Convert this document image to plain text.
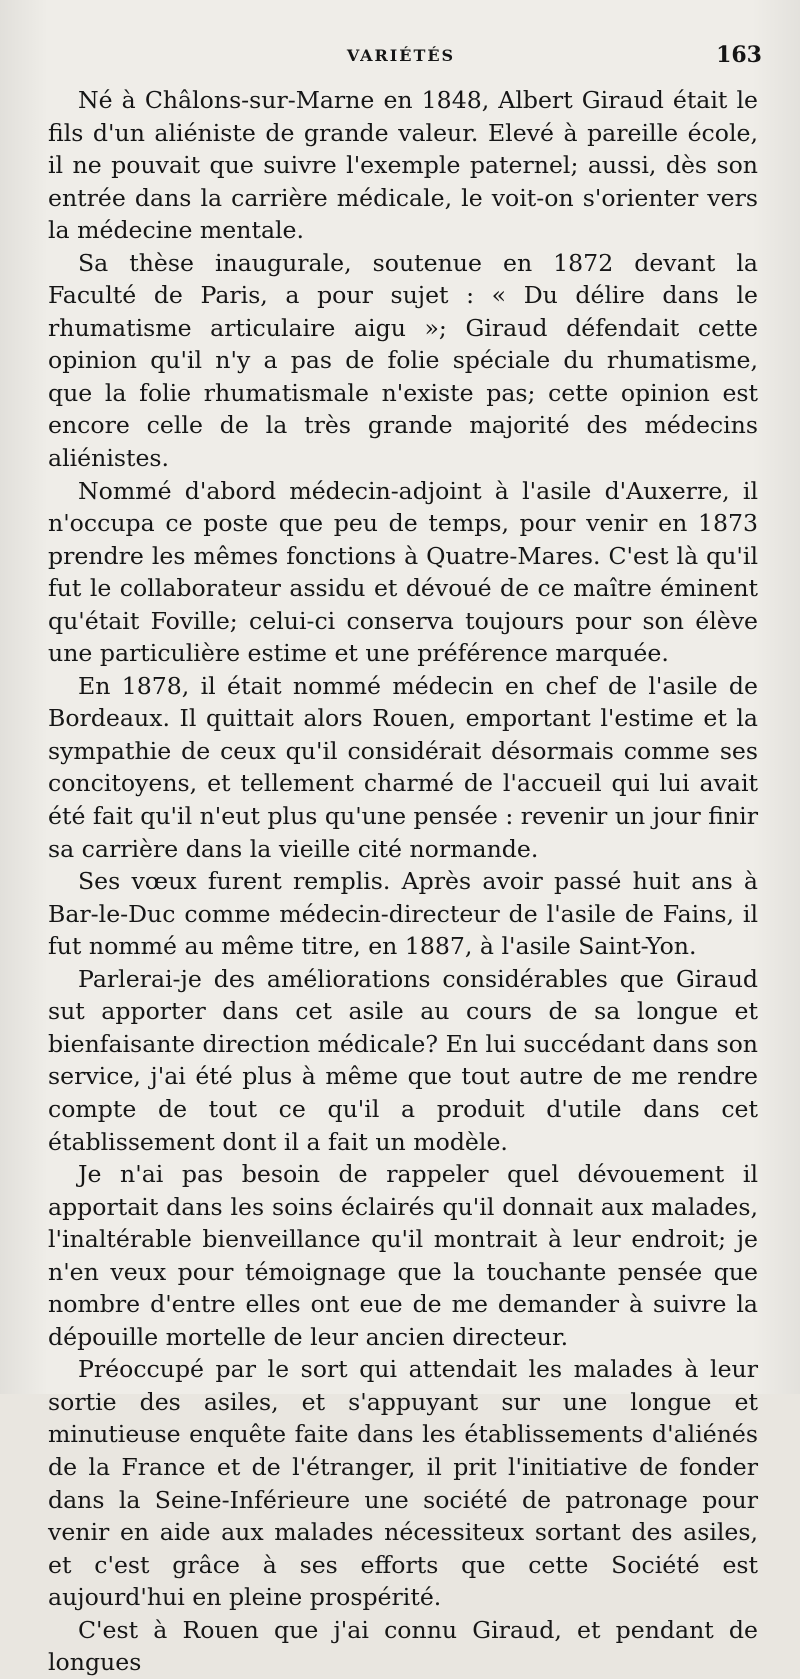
VARIÉTÉS	163

Né à Châlons-sur-Marne en 1848, Albert Giraud était le fils d'un aliéniste de grande valeur. Elevé à pareille école, il ne pouvait que suivre l'exemple paternel; aussi, dès son entrée dans la carrière médicale, le voit-on s'orienter vers la médecine mentale.

Sa thèse inaugurale, soutenue en 1872 devant la Faculté de Paris, a pour sujet : « Du délire dans le rhumatisme articulaire aigu »; Giraud défendait cette opinion qu'il n'y a pas de folie spéciale du rhumatisme, que la folie rhumatismale n'existe pas; cette opinion est encore celle de la très grande majorité des médecins aliénistes.

Nommé d'abord médecin-adjoint à l'asile d'Auxerre, il n'occupa ce poste que peu de temps, pour venir en 1873 prendre les mêmes fonctions à Quatre-Mares. C'est là qu'il fut le collaborateur assidu et dévoué de ce maître éminent qu'était Foville; celui-ci conserva toujours pour son élève une particulière estime et une préférence marquée.

En 1878, il était nommé médecin en chef de l'asile de Bordeaux. Il quittait alors Rouen, emportant l'estime et la sympathie de ceux qu'il considérait désormais comme ses concitoyens, et tellement charmé de l'accueil qui lui avait été fait qu'il n'eut plus qu'une pensée : revenir un jour finir sa carrière dans la vieille cité normande.

Ses vœux furent remplis. Après avoir passé huit ans à Bar-le-Duc comme médecin-directeur de l'asile de Fains, il fut nommé au même titre, en 1887, à l'asile Saint-Yon.

Parlerai-je des améliorations considérables que Giraud sut apporter dans cet asile au cours de sa longue et bienfaisante direction médicale? En lui succédant dans son service, j'ai été plus à même que tout autre de me rendre compte de tout ce qu'il a produit d'utile dans cet établissement dont il a fait un modèle.

Je n'ai pas besoin de rappeler quel dévouement il apportait dans les soins éclairés qu'il donnait aux malades, l'inaltérable bienveillance qu'il montrait à leur endroit; je n'en veux pour témoignage que la touchante pensée que nombre d'entre elles ont eue de me demander à suivre la dépouille mortelle de leur ancien directeur.

Préoccupé par le sort qui attendait les malades à leur sortie des asiles, et s'appuyant sur une longue et minutieuse enquête faite dans les établissements d'aliénés de la France et de l'étranger, il prit l'initiative de fonder dans la Seine-Inférieure une société de patronage pour venir en aide aux malades nécessiteux sortant des asiles, et c'est grâce à ses efforts que cette Société est aujourd'hui en pleine prospérité.

C'est à Rouen que j'ai connu Giraud, et pendant de longues
